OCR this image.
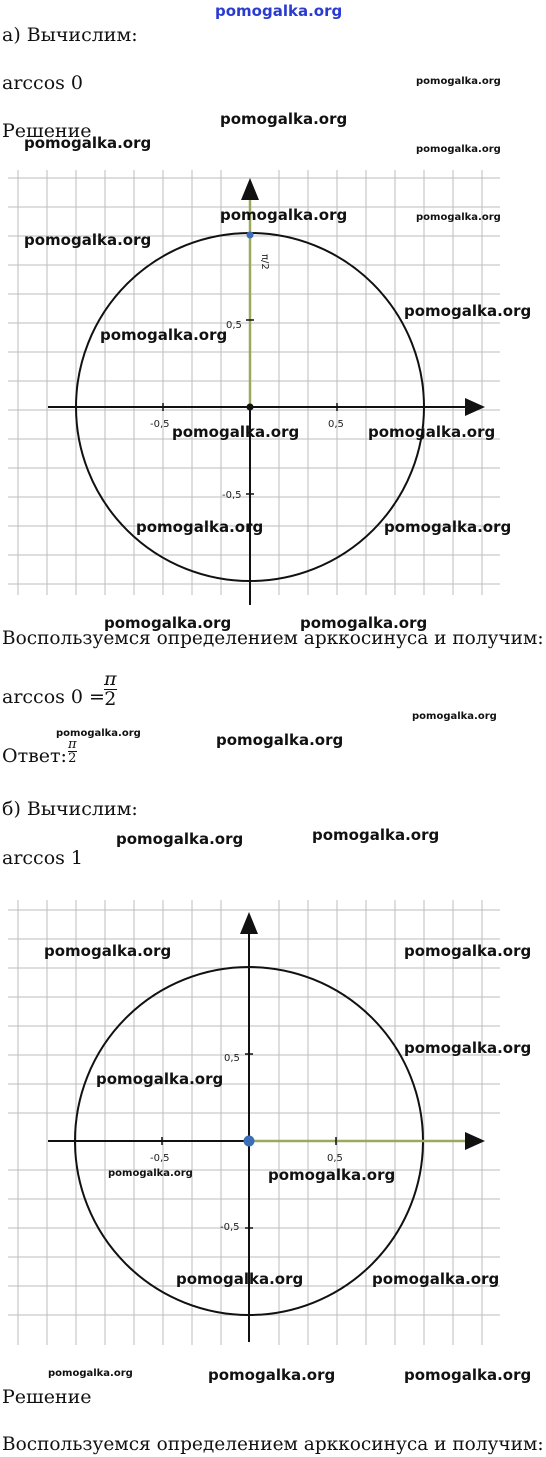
pomogalka.org
а) Вычислим:
arccos 0
Решение
-0,5	0,5
0,5
-0,5
π/2
Воспользуемся определением арккосинуса и получим:
arccos 0 =
π
2
Ответ:
π
2
б) Вычислим:
arccos 1
-0,5	0,5
0,5
-0,5
Решение
Воспользуемся определением арккосинуса и получим:
pomogalka.org
pomogalka.org
pomogalka.org	pomogalka.org
pomogalka.org	pomogalka.org
pomogalka.org
pomogalka.org
pomogalka.org
pomogalka.org	pomogalka.org
pomogalka.org	pomogalka.org
pomogalka.org	pomogalka.org
pomogalka.org
pomogalka.org	pomogalka.org
pomogalka.org
pomogalka.org
pomogalka.org	pomogalka.org
pomogalka.org
pomogalka.org
pomogalka.org	pomogalka.org
pomogalka.org	pomogalka.org
pomogalka.org	pomogalka.org	pomogalka.org
